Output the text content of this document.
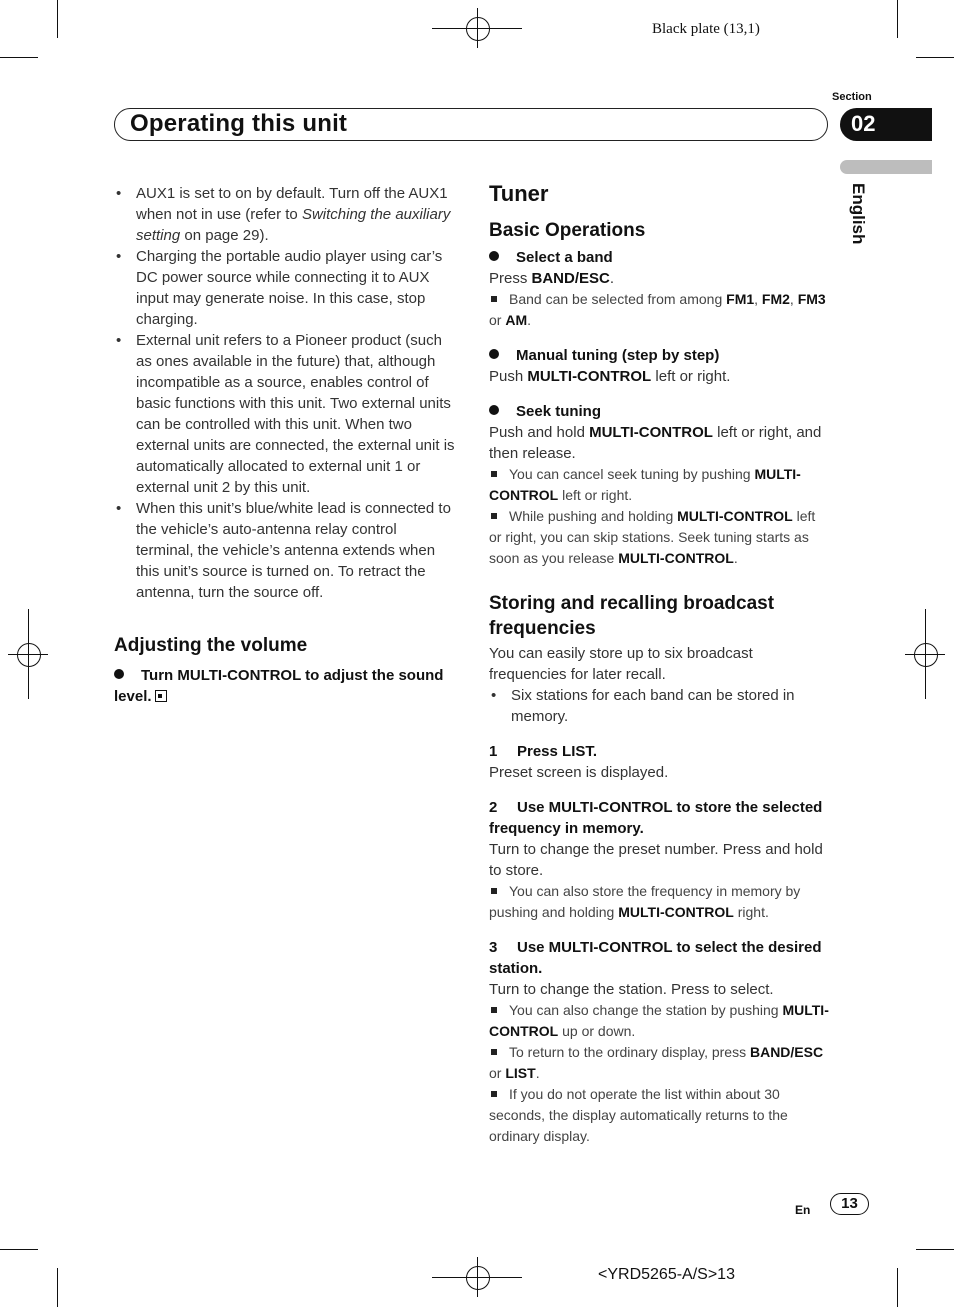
Black plate (13,1)
Section
Operating this unit	02
English
• AUX1 is set to on by default. Turn off the AUX1 when not in use (refer to Switching the auxiliary setting on page 29).
• Charging the portable audio player using car’s DC power source while connecting it to AUX input may generate noise. In this case, stop charging.
• External unit refers to a Pioneer product (such as ones available in the future) that, although incompatible as a source, enables control of basic functions with this unit. Two external units can be controlled with this unit. When two external units are connected, the external unit is automatically allocated to external unit 1 or external unit 2 by this unit.
• When this unit’s blue/white lead is connected to the vehicle’s auto-antenna relay control terminal, the vehicle’s antenna extends when this unit’s source is turned on. To retract the antenna, turn the source off.
Adjusting the volume

Turn MULTI-CONTROL to adjust the sound level.

Tuner
Basic Operations

Select a band

Press BAND/ESC.

Band can be selected from among FM1, FM2, FM3 or AM.

Manual tuning (step by step)

Push MULTI-CONTROL left or right.

Seek tuning

Push and hold MULTI-CONTROL left or right, and then release.

You can cancel seek tuning by pushing MULTI-CONTROL left or right.

While pushing and holding MULTI-CONTROL left or right, you can skip stations. Seek tuning starts as soon as you release MULTI-CONTROL.

Storing and recalling broadcast frequencies

You can easily store up to six broadcast frequencies for later recall.

• Six stations for each band can be stored in memory.

1 Press LIST.

Preset screen is displayed.

2 Use MULTI-CONTROL to store the selected frequency in memory.

Turn to change the preset number. Press and hold to store.

You can also store the frequency in memory by pushing and holding MULTI-CONTROL right.

3 Use MULTI-CONTROL to select the desired station.

Turn to change the station. Press to select.

You can also change the station by pushing MULTI-CONTROL up or down.

To return to the ordinary display, press BAND/ESC or LIST.

If you do not operate the list within about 30 seconds, the display automatically returns to the ordinary display.

En	13
<YRD5265-A/S>13
